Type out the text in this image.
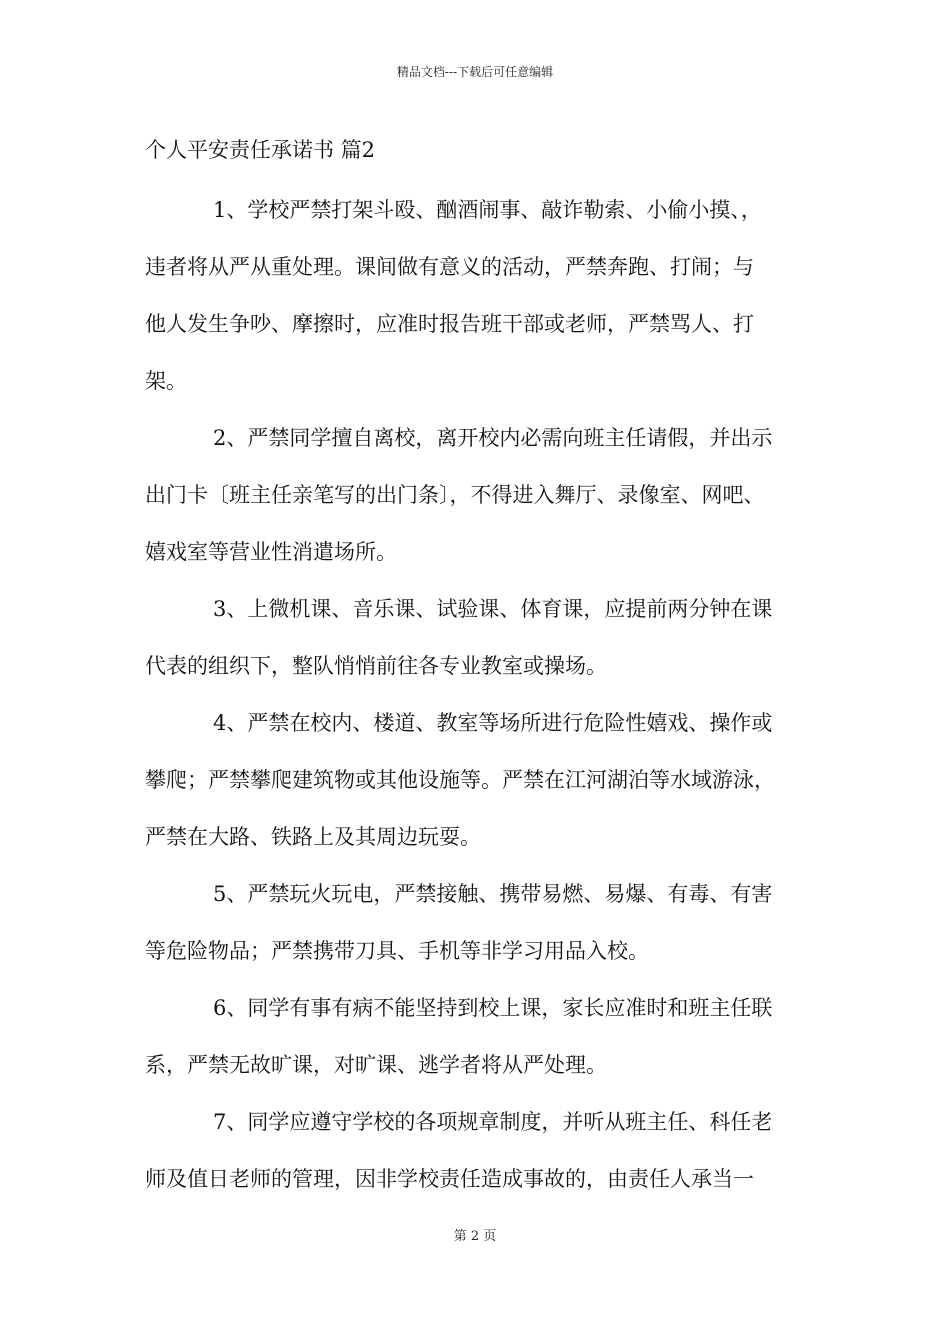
精品文档---下载后可任意编辑
个人平安责任承诺书 篇2
1、学校严禁打架斗殴、酗酒闹事、敲诈勒索、小偷小摸、，
违者将从严从重处理。课间做有意义的活动，严禁奔跑、打闹；与
他人发生争吵、摩擦时，应准时报告班干部或老师，严禁骂人、打
架。
2、严禁同学擅自离校，离开校内必需向班主任请假，并出示
出门卡〔班主任亲笔写的出门条〕，不得进入舞厅、录像室、网吧、
嬉戏室等营业性消遣场所。
3、上微机课、音乐课、试验课、体育课，应提前两分钟在课
代表的组织下，整队悄悄前往各专业教室或操场。
4、严禁在校内、楼道、教室等场所进行危险性嬉戏、操作或
攀爬；严禁攀爬建筑物或其他设施等。严禁在江河湖泊等水域游泳，
严禁在大路、铁路上及其周边玩耍。
5、严禁玩火玩电，严禁接触、携带易燃、易爆、有毒、有害
等危险物品；严禁携带刀具、手机等非学习用品入校。
6、同学有事有病不能坚持到校上课，家长应准时和班主任联
系，严禁无故旷课，对旷课、逃学者将从严处理。
7、同学应遵守学校的各项规章制度，并听从班主任、科任老
师及值日老师的管理，因非学校责任造成事故的，由责任人承当一
第 2 页
